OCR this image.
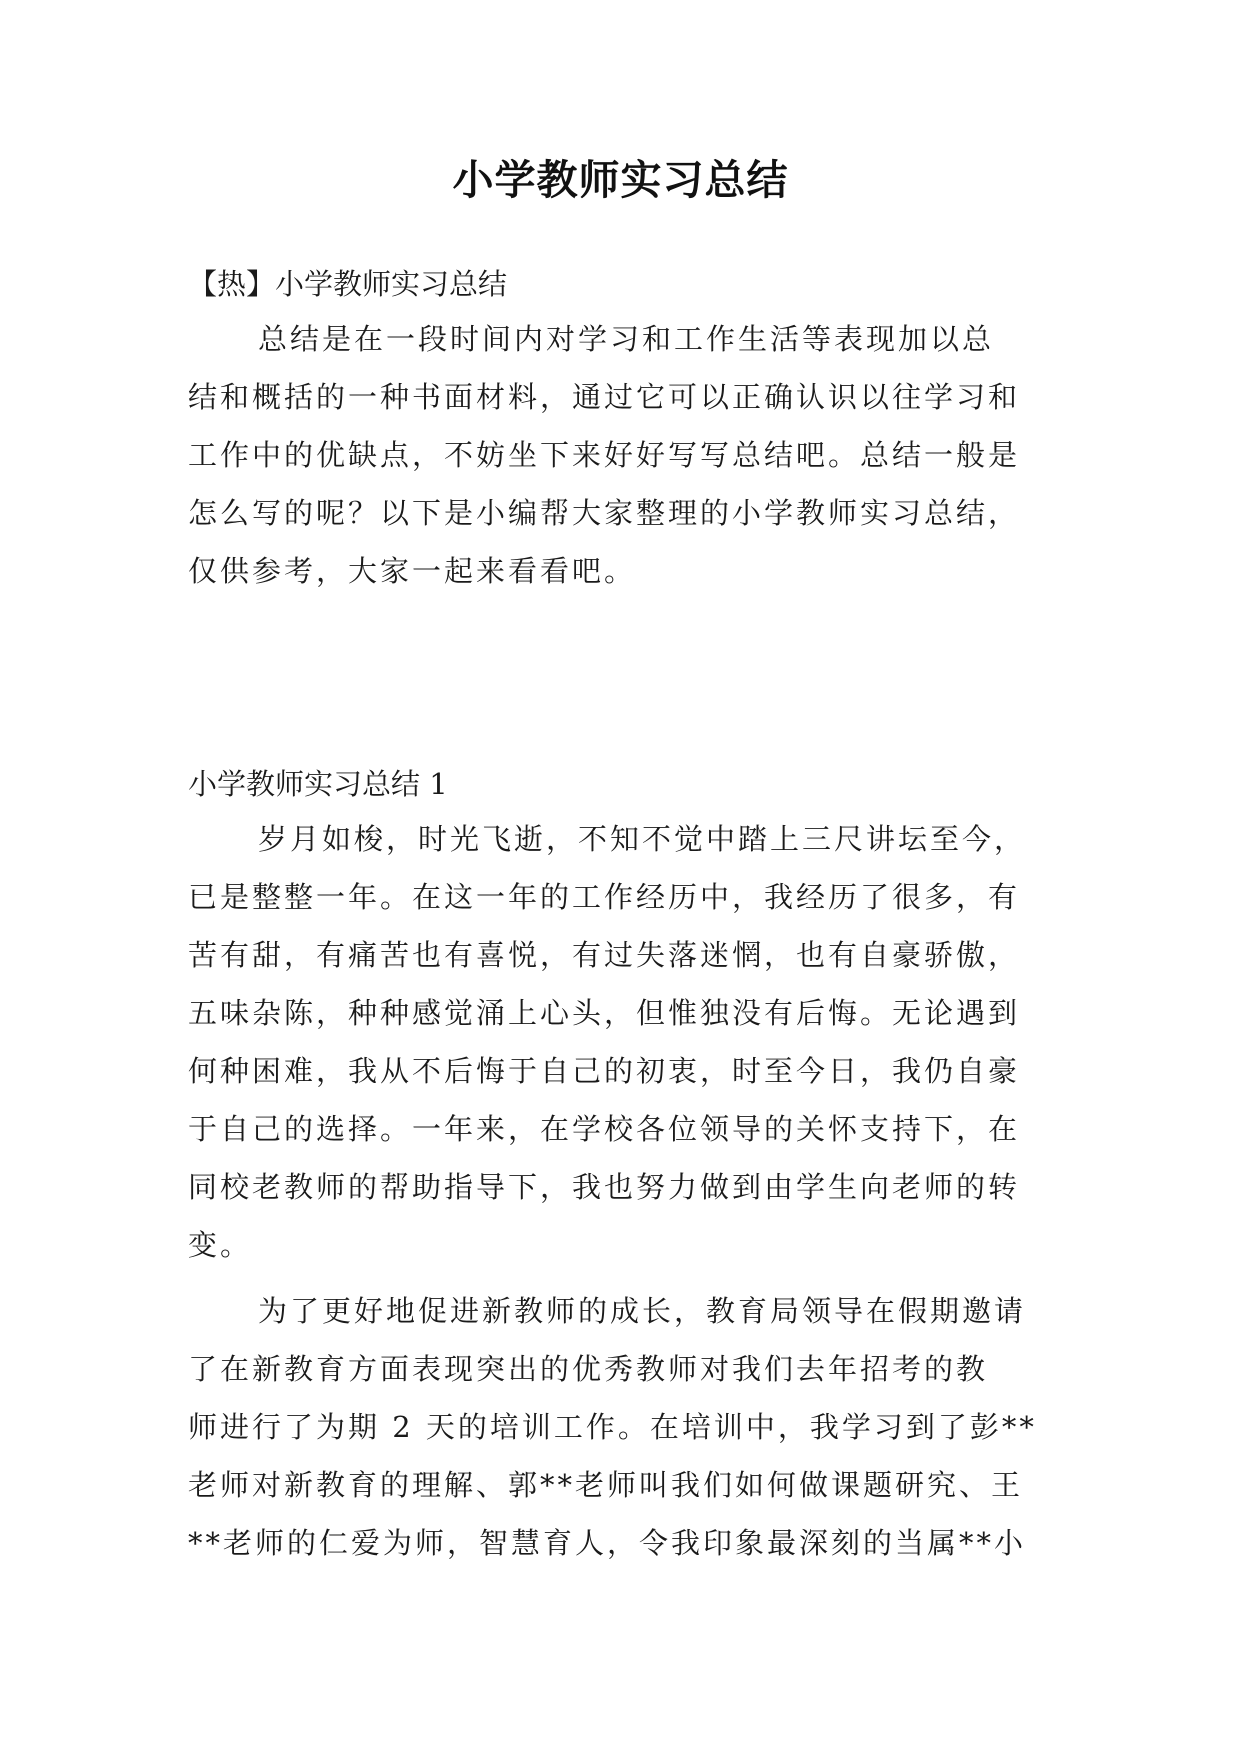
小学教师实习总结
【热】小学教师实习总结
总结是在一段时间内对学习和工作生活等表现加以总
结和概括的一种书面材料，通过它可以正确认识以往学习和
工作中的优缺点，不妨坐下来好好写写总结吧。总结一般是
怎么写的呢？以下是小编帮大家整理的小学教师实习总结，
仅供参考，大家一起来看看吧。
小学教师实习总结 1
岁月如梭，时光飞逝，不知不觉中踏上三尺讲坛至今，
已是整整一年。在这一年的工作经历中，我经历了很多，有
苦有甜，有痛苦也有喜悦，有过失落迷惘，也有自豪骄傲，
五味杂陈，种种感觉涌上心头，但惟独没有后悔。无论遇到
何种困难，我从不后悔于自己的初衷，时至今日，我仍自豪
于自己的选择。一年来，在学校各位领导的关怀支持下，在
同校老教师的帮助指导下，我也努力做到由学生向老师的转
变。
为了更好地促进新教师的成长，教育局领导在假期邀请
了在新教育方面表现突出的优秀教师对我们去年招考的教
师进行了为期 2 天的培训工作。在培训中，我学习到了彭**
老师对新教育的理解、郭**老师叫我们如何做课题研究、王
**老师的仁爱为师，智慧育人，令我印象最深刻的当属**小
